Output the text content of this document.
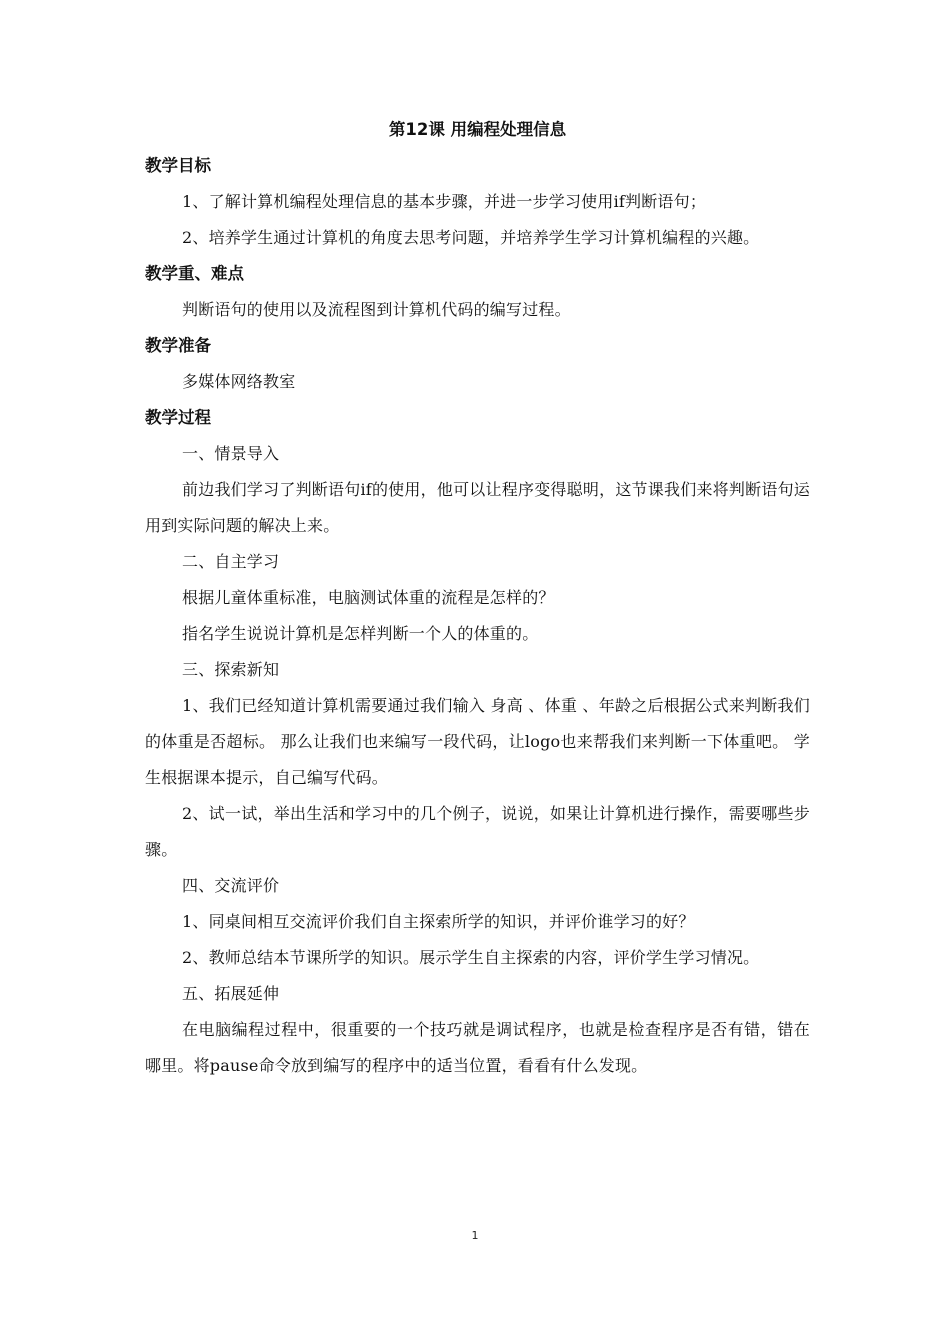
第12课 用编程处理信息
教学目标

1、了解计算机编程处理信息的基本步骤，并进一步学习使用if判断语句；

2、培养学生通过计算机的角度去思考问题，并培养学生学习计算机编程的兴趣。

教学重、难点

判断语句的使用以及流程图到计算机代码的编写过程。

教学准备

多媒体网络教室

教学过程

一、情景导入

前边我们学习了判断语句if的使用，他可以让程序变得聪明，这节课我们来将判断语句运用到实际问题的解决上来。

二、自主学习

根据儿童体重标准，电脑测试体重的流程是怎样的？

指名学生说说计算机是怎样判断一个人的体重的。

三、探索新知

1、我们已经知道计算机需要通过我们输入 身高 、体重 、年龄之后根据公式来判断我们的体重是否超标。 那么让我们也来编写一段代码，让logo也来帮我们来判断一下体重吧。 学生根据课本提示，自己编写代码。

2、试一试，举出生活和学习中的几个例子，说说，如果让计算机进行操作，需要哪些步骤。

四、交流评价

1、同桌间相互交流评价我们自主探索所学的知识，并评价谁学习的好？

2、教师总结本节课所学的知识。展示学生自主探索的内容，评价学生学习情况。

五、拓展延伸

在电脑编程过程中，很重要的一个技巧就是调试程序，也就是检查程序是否有错，错在哪里。将pause命令放到编写的程序中的适当位置，看看有什么发现。

1
